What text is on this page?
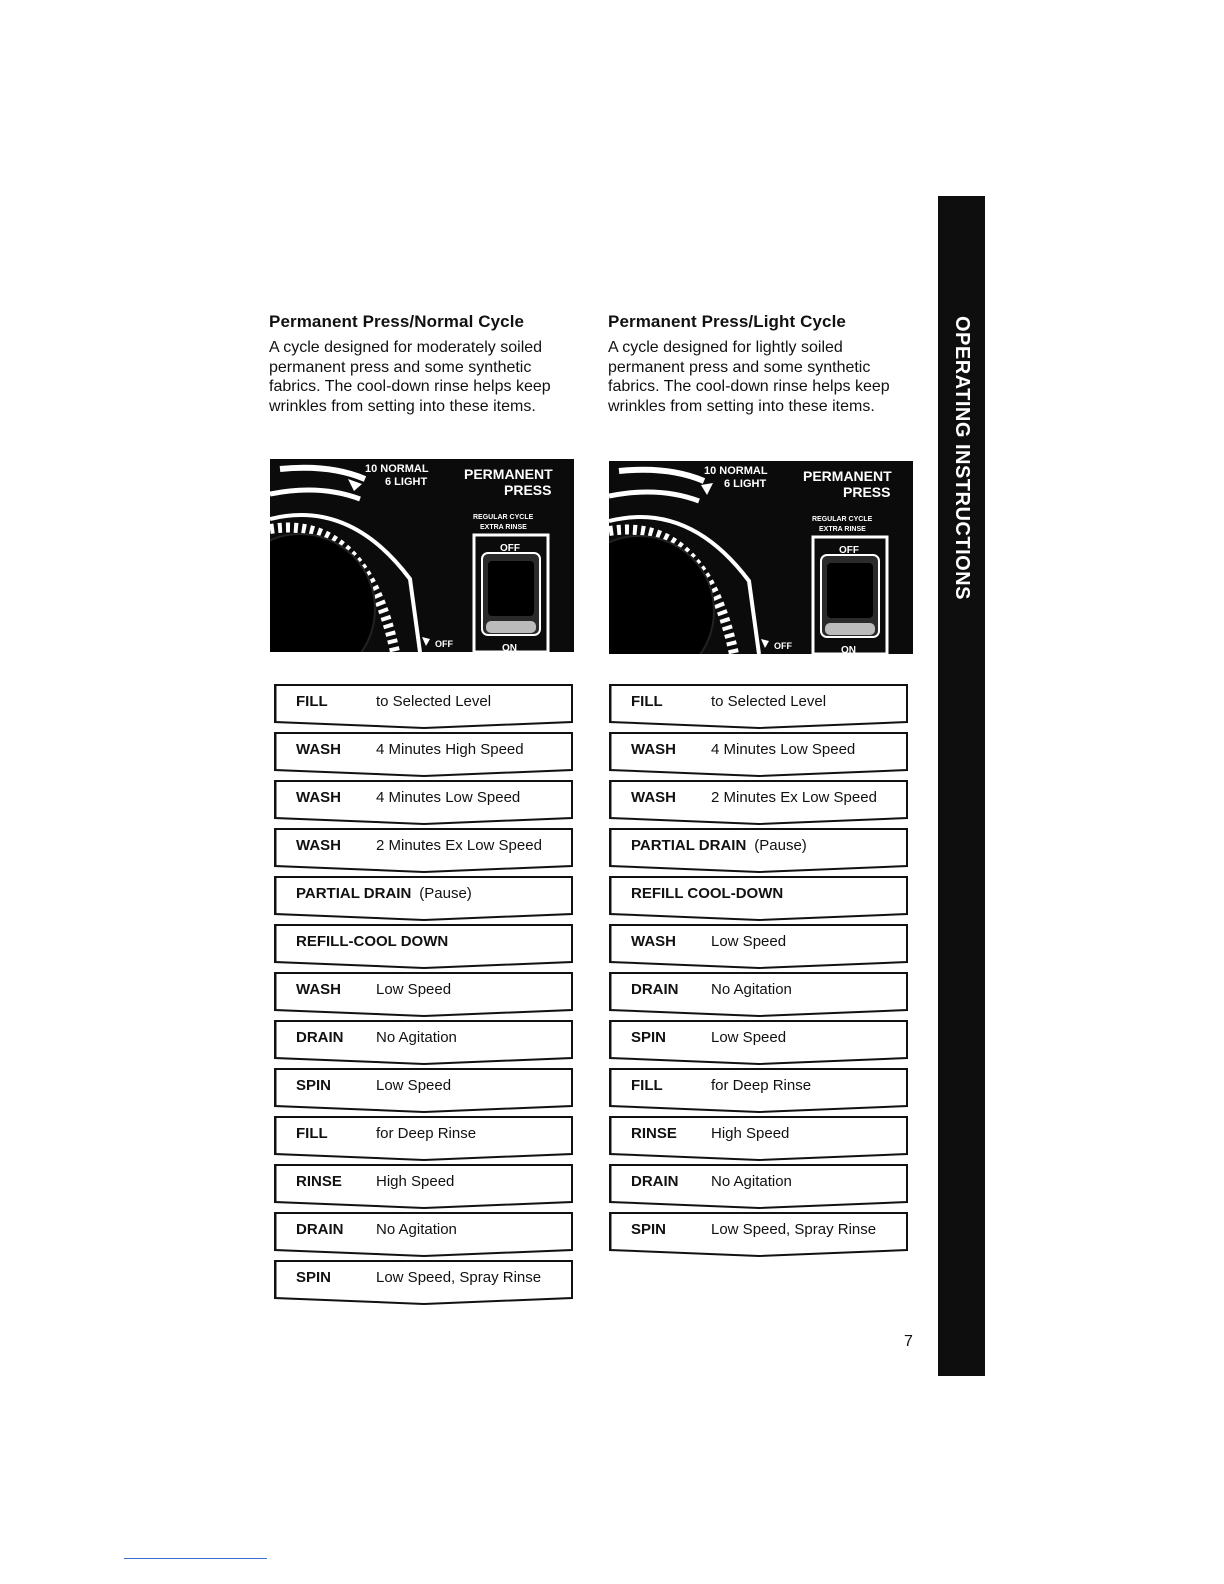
Permanent Press/Normal Cycle

A cycle designed for moderately soiled permanent press and some synthetic fabrics. The cool-down rinse helps keep wrinkles from setting into these items.

Permanent Press/Light Cycle

A cycle designed for lightly soiled permanent press and some synthetic fabrics. The cool-down rinse helps keep wrinkles from setting into these items.

10 NORMAL
6 LIGHT	PERMANENT
PRESS
REGULAR CYCLE
EXTRA RINSE
OFF
ON
OFF
10 NORMAL
6 LIGHT	PERMANENT
PRESS
REGULAR CYCLE
EXTRA RINSE
OFF
ON
OFF
FILL	to Selected Level
WASH 4 Minutes High Speed
WASH 4 Minutes Low Speed
WASH 2 Minutes Ex Low Speed
PARTIAL DRAIN (Pause)
REFILL-COOL DOWN
WASH Low Speed
DRAIN No Agitation
SPIN	Low Speed
FILL	for Deep Rinse
RINSE High Speed
DRAIN No Agitation
SPIN	Low Speed, Spray Rinse
FILL	to Selected Level
WASH 4 Minutes Low Speed
WASH 2 Minutes Ex Low Speed
PARTIAL DRAIN (Pause)
REFILL COOL-DOWN
WASH Low Speed
DRAIN No Agitation
SPIN	Low Speed
FILL	for Deep Rinse
RINSE High Speed
DRAIN No Agitation
SPIN	Low Speed, Spray Rinse
OPERATING INSTRUCTIONS
7
